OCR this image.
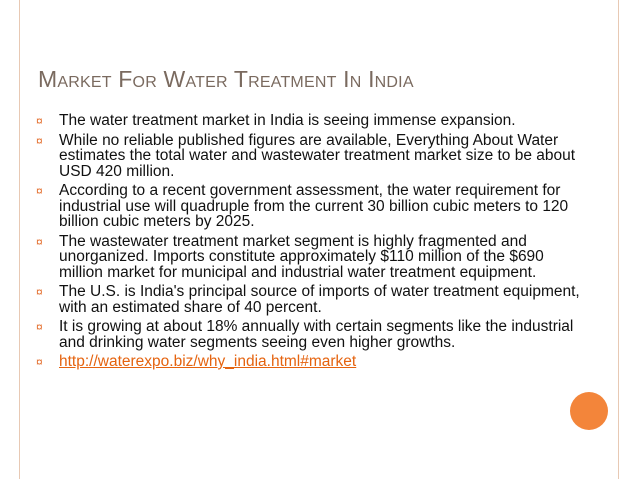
Market For Water Treatment In India
¤ The water treatment market in India is seeing immense expansion.
¤ While no reliable published figures are available, Everything About Water estimates the total water and wastewater treatment market size to be about USD 420 million.
¤ According to a recent government assessment, the water requirement for industrial use will quadruple from the current 30 billion cubic meters to 120 billion cubic meters by 2025.
¤ The wastewater treatment market segment is highly fragmented and unorganized. Imports constitute approximately $110 million of the $690 million market for municipal and industrial water treatment equipment.
¤ The U.S. is India's principal source of imports of water treatment equipment, with an estimated share of 40 percent.
¤ It is growing at about 18% annually with certain segments like the industrial and drinking water segments seeing even higher growths.
¤ http://waterexpo.biz/why_india.html#market
